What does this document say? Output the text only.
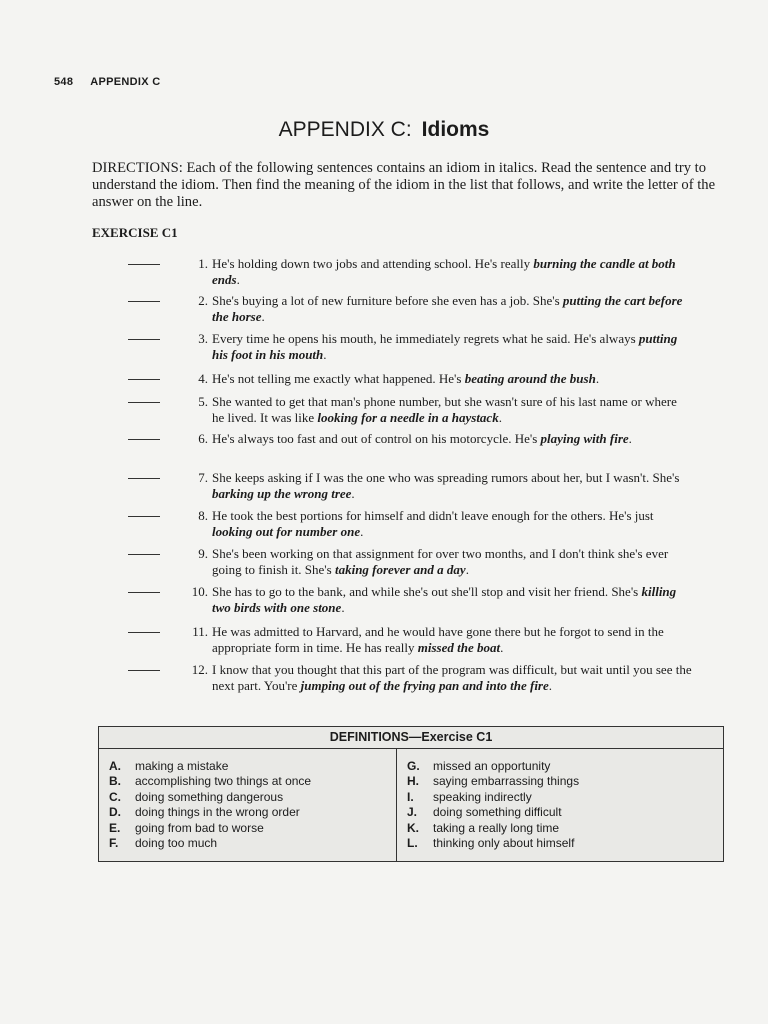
548 APPENDIX C
APPENDIX C: Idioms
DIRECTIONS: Each of the following sentences contains an idiom in italics. Read the sentence and try to understand the idiom. Then find the meaning of the idiom in the list that follows, and write the letter of the answer on the line.
EXERCISE C1
1. He's holding down two jobs and attending school. He's really burning the candle at both ends.
2. She's buying a lot of new furniture before she even has a job. She's putting the cart before the horse.
3. Every time he opens his mouth, he immediately regrets what he said. He's always putting his foot in his mouth.
4. He's not telling me exactly what happened. He's beating around the bush.
5. She wanted to get that man's phone number, but she wasn't sure of his last name or where he lived. It was like looking for a needle in a haystack.
6. He's always too fast and out of control on his motorcycle. He's playing with fire.
7. She keeps asking if I was the one who was spreading rumors about her, but I wasn't. She's barking up the wrong tree.
8. He took the best portions for himself and didn't leave enough for the others. He's just looking out for number one.
9. She's been working on that assignment for over two months, and I don't think she's ever going to finish it. She's taking forever and a day.
10. She has to go to the bank, and while she's out she'll stop and visit her friend. She's killing two birds with one stone.
11. He was admitted to Harvard, and he would have gone there but he forgot to send in the appropriate form in time. He has really missed the boat.
12. I know that you thought that this part of the program was difficult, but wait until you see the next part. You're jumping out of the frying pan and into the fire.
DEFINITIONS—Exercise C1
A. making a mistake
B. accomplishing two things at once
C. doing something dangerous
D. doing things in the wrong order
E. going from bad to worse
F. doing too much
G. missed an opportunity
H. saying embarrassing things
I. speaking indirectly
J. doing something difficult
K. taking a really long time
L. thinking only about himself
